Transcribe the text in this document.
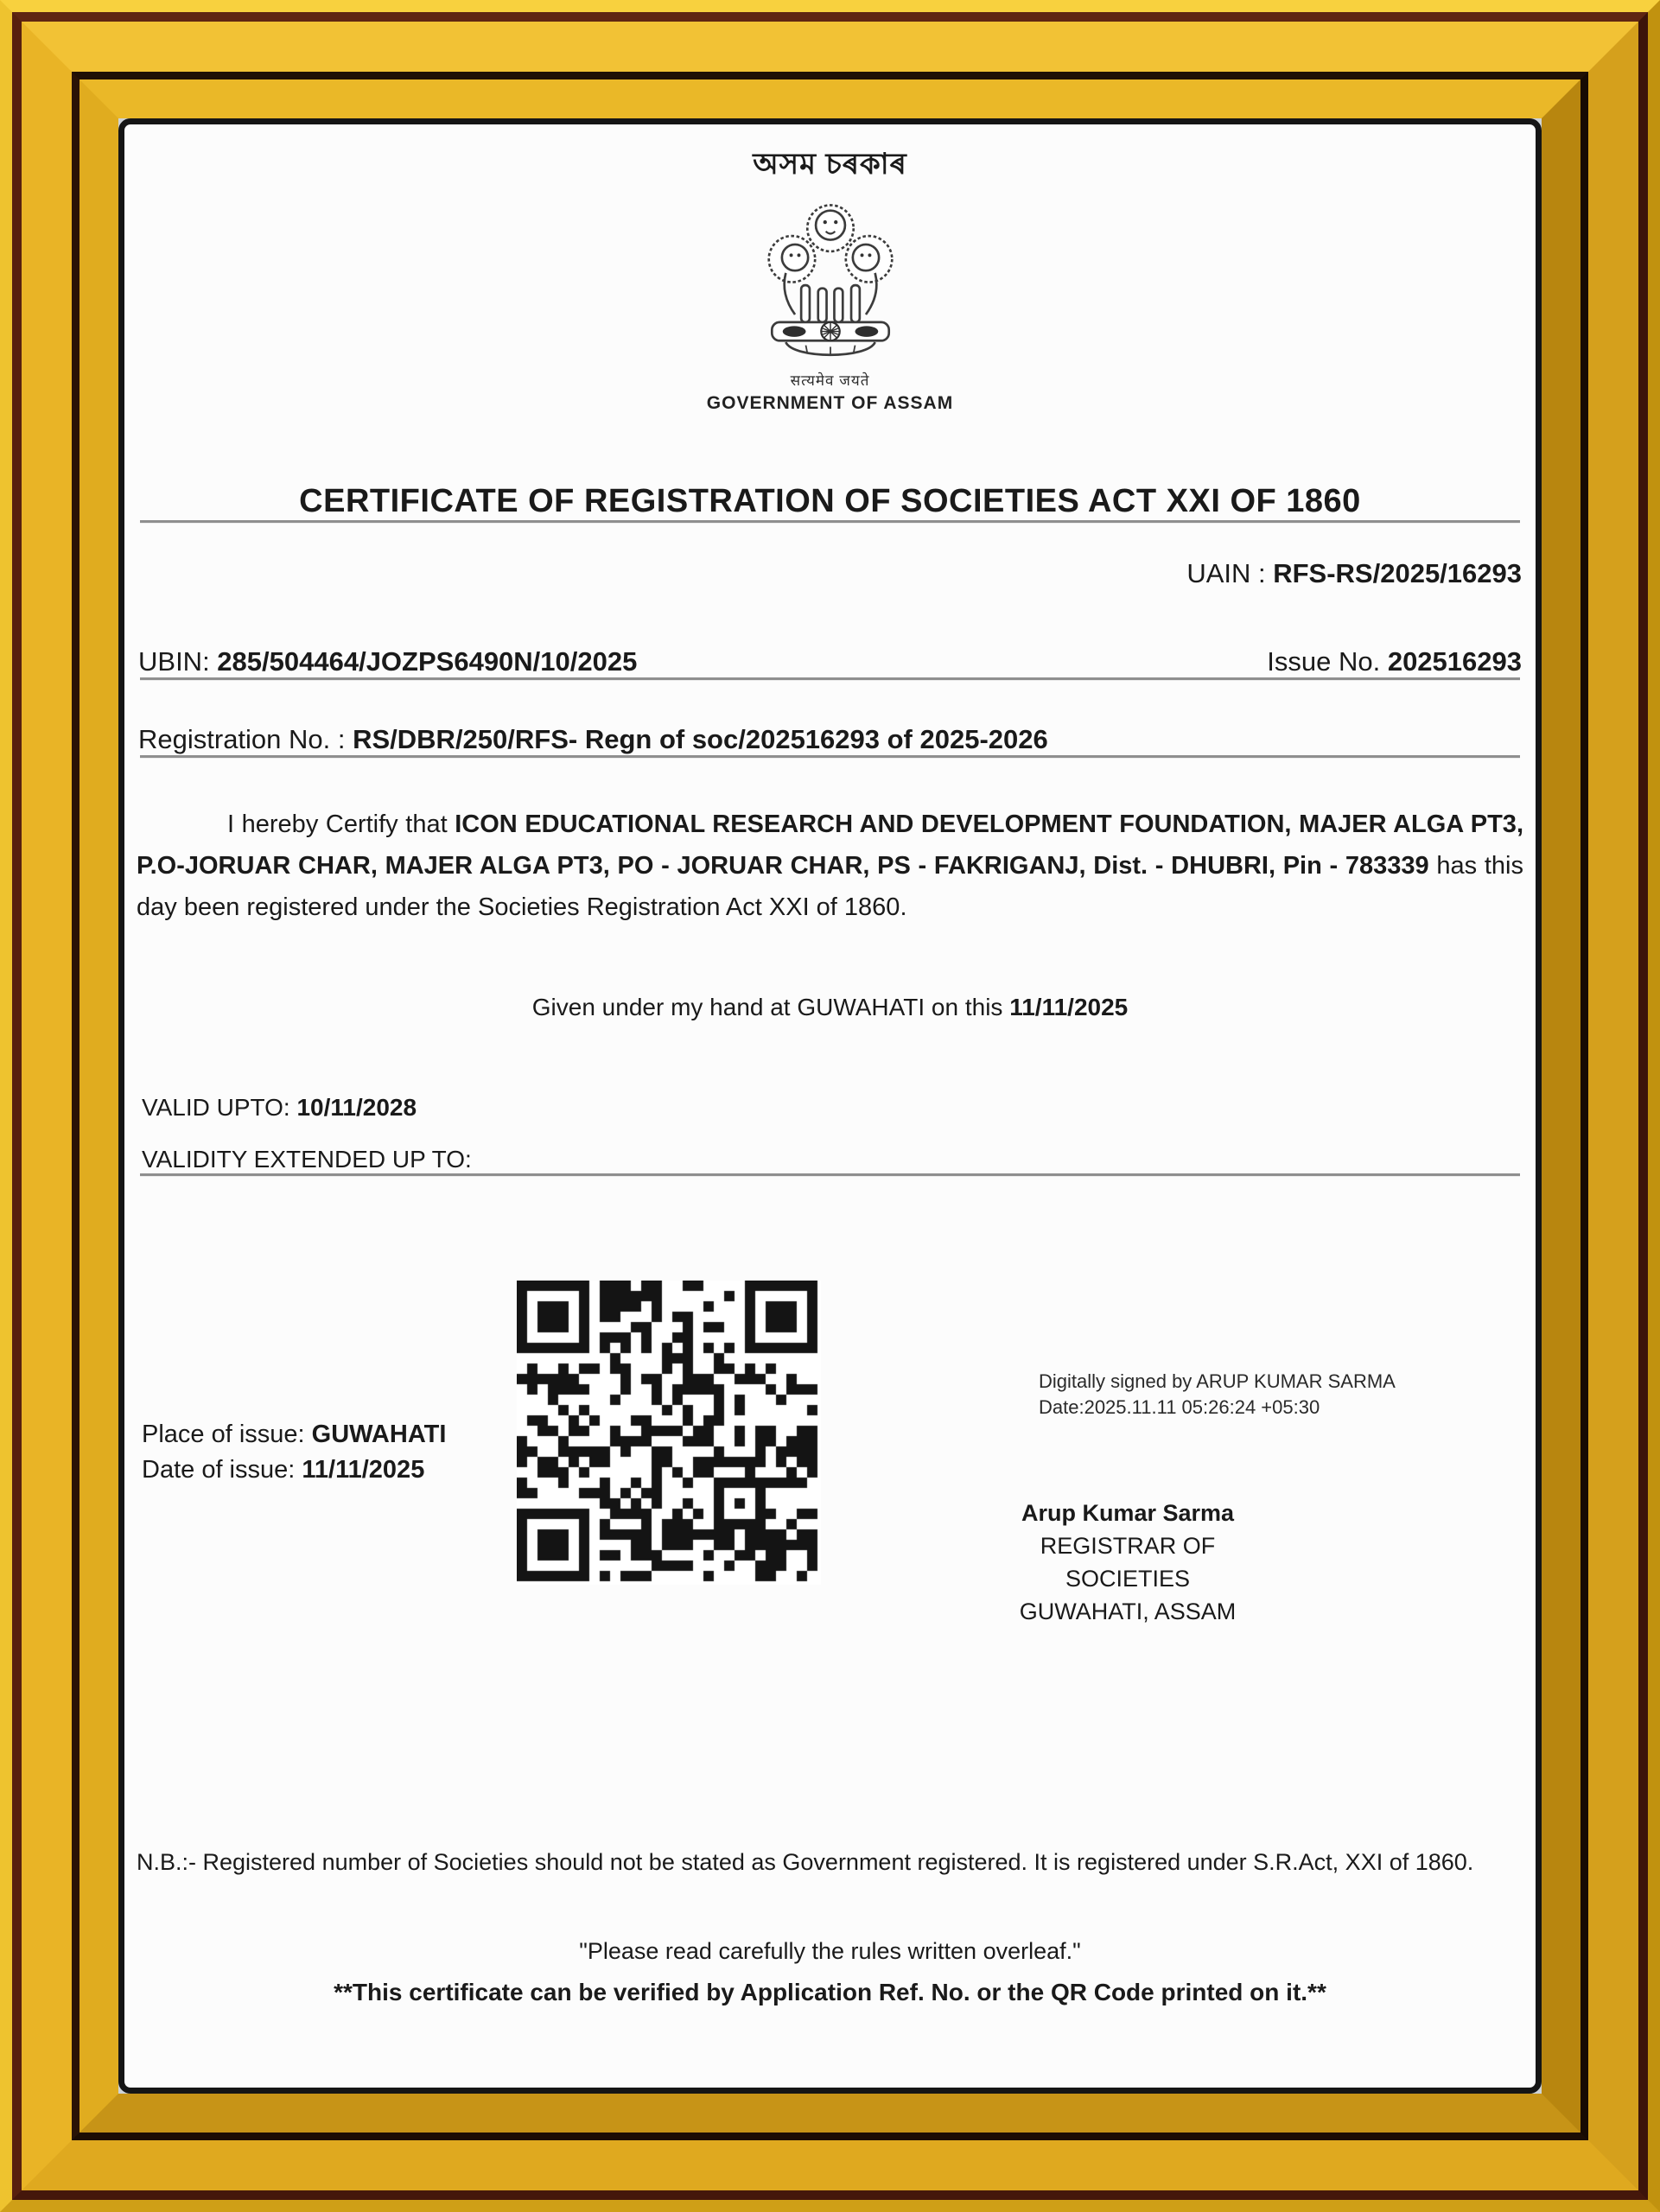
অসম চৰকাৰ
सत्यमेव जयते
GOVERNMENT OF ASSAM
CERTIFICATE OF REGISTRATION OF SOCIETIES ACT XXI OF 1860
UAIN : RFS-RS/2025/16293
UBIN: 285/504464/JOZPS6490N/10/2025	Issue No. 202516293
Registration No. : RS/DBR/250/RFS- Regn of soc/202516293 of 2025-2026
I hereby Certify that ICON EDUCATIONAL RESEARCH AND DEVELOPMENT FOUNDATION, MAJER ALGA PT3, P.O-JORUAR CHAR, MAJER ALGA PT3, PO - JORUAR CHAR, PS - FAKRIGANJ, Dist. - DHUBRI, Pin - 783339 has this day been registered under the Societies Registration Act XXI of 1860.
Given under my hand at GUWAHATI on this 11/11/2025
VALID UPTO: 10/11/2028
VALIDITY EXTENDED UP TO:
Place of issue: GUWAHATI
Date of issue: 11/11/2025
Digitally signed by ARUP KUMAR SARMA
Date:2025.11.11 05:26:24 +05:30
Arup Kumar Sarma
REGISTRAR OF SOCIETIES
GUWAHATI, ASSAM
N.B.:- Registered number of Societies should not be stated as Government registered. It is registered under S.R.Act, XXI of 1860.
"Please read carefully the rules written overleaf."
**This certificate can be verified by Application Ref. No. or the QR Code printed on it.**
